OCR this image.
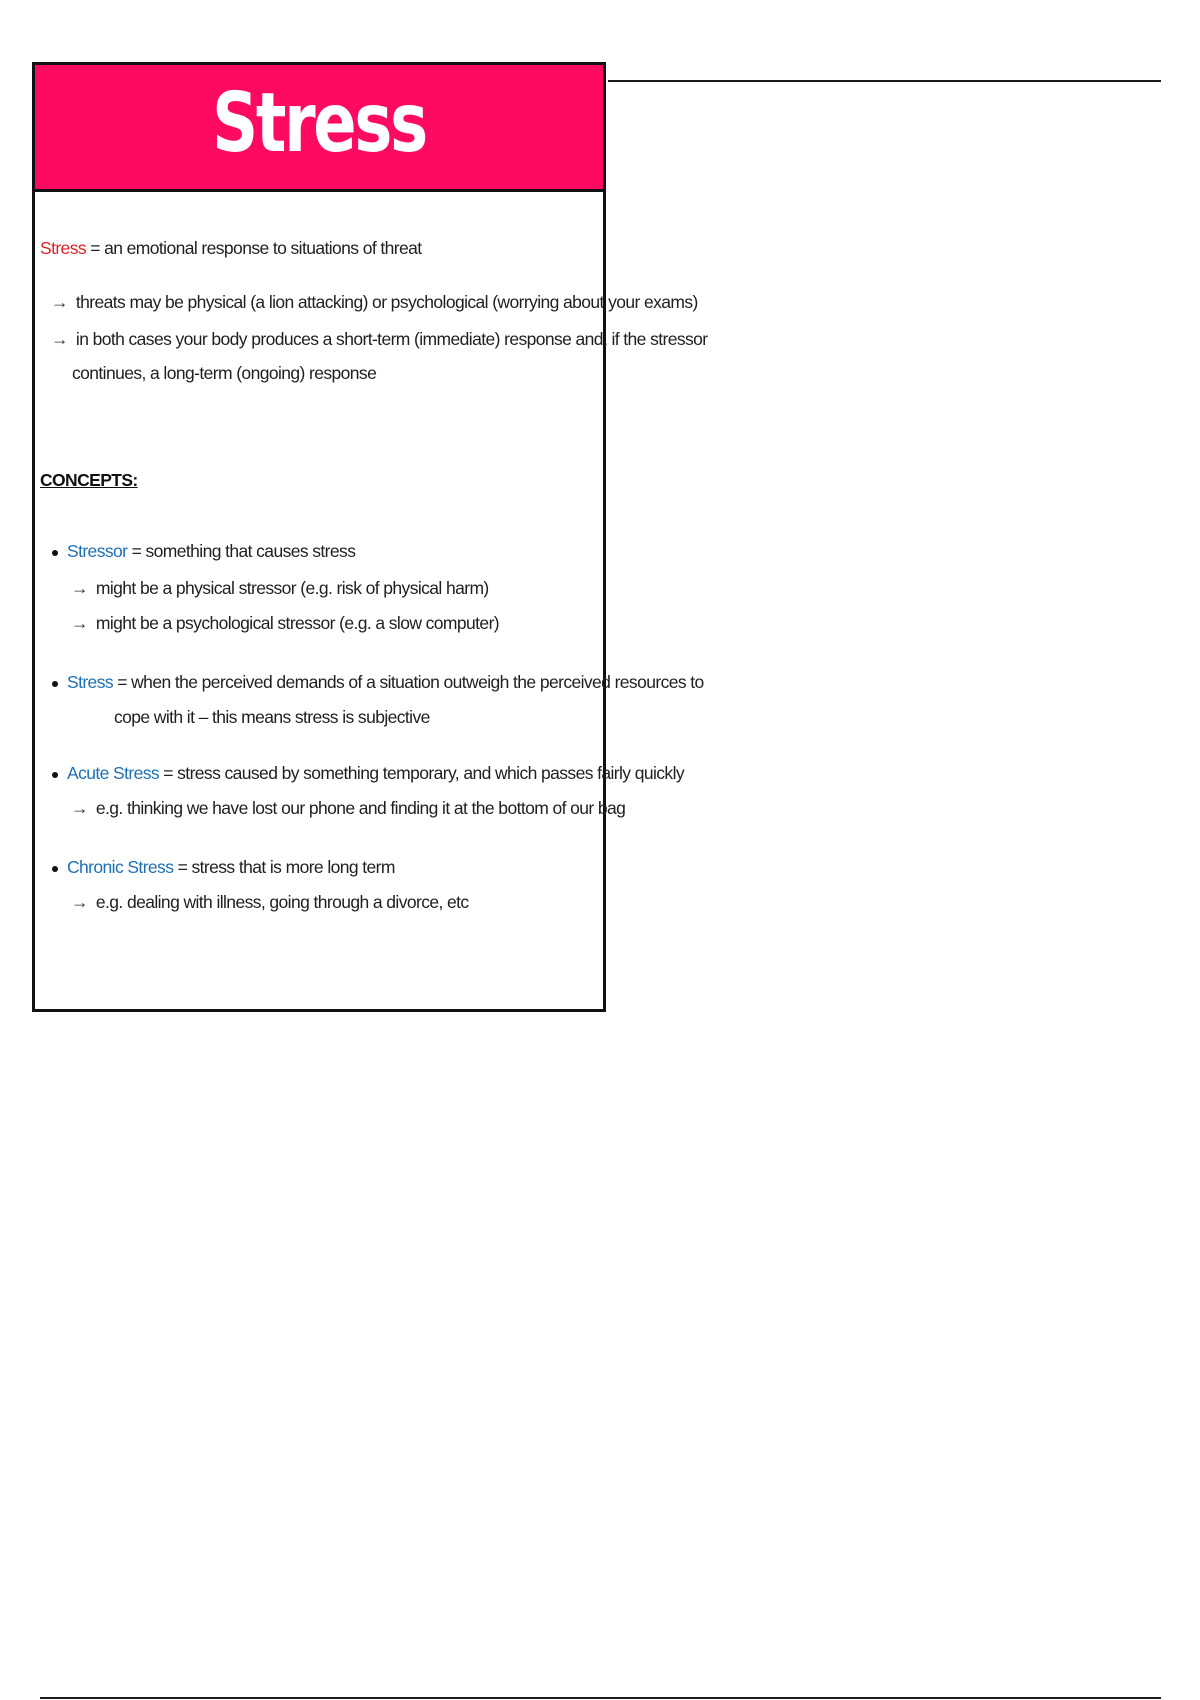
Stress
Stress = an emotional response to situations of threat
→ threats may be physical (a lion attacking) or psychological (worrying about your exams)
→ in both cases your body produces a short-term (immediate) response and, if the stressor
continues, a long-term (ongoing) response
CONCEPTS:
Stressor = something that causes stress
→ might be a physical stressor (e.g. risk of physical harm)
→ might be a psychological stressor (e.g. a slow computer)
Stress = when the perceived demands of a situation outweigh the perceived resources to
cope with it – this means stress is subjective
Acute Stress = stress caused by something temporary, and which passes fairly quickly
→ e.g. thinking we have lost our phone and finding it at the bottom of our bag
Chronic Stress = stress that is more long term
→ e.g. dealing with illness, going through a divorce, etc
